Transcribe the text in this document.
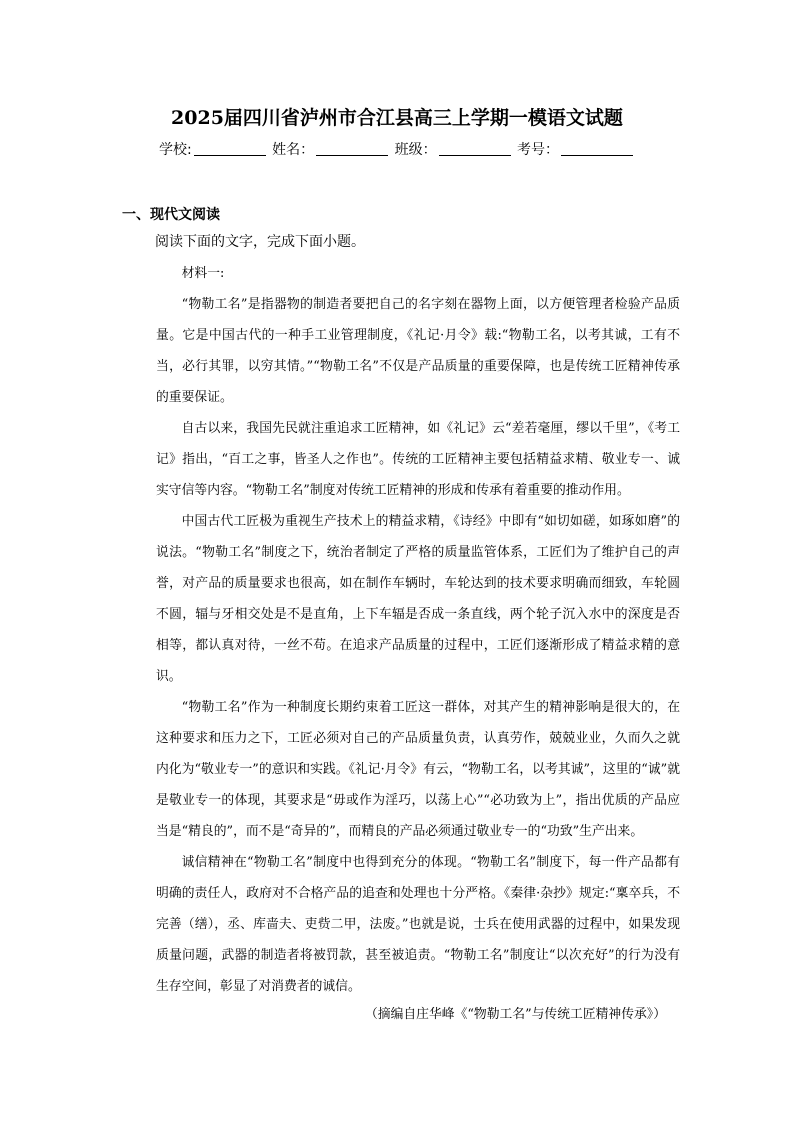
2025届四川省泸州市合江县高三上学期一模语文试题
学校:	姓名：	班级：	考号：
一、现代文阅读

阅读下面的文字，完成下面小题。

材料一:

“物勒工名”是指器物的制造者要把自己的名字刻在器物上面，以方便管理者检验产品质量。它是中国古代的一种手工业管理制度，《礼记·月令》载:“物勒工名，以考其诚，工有不当，必行其罪，以穷其情。”“物勒工名”不仅是产品质量的重要保障，也是传统工匠精神传承的重要保证。

自古以来，我国先民就注重追求工匠精神，如《礼记》云“差若毫厘，缪以千里”，《考工记》指出，“百工之事，皆圣人之作也”。传统的工匠精神主要包括精益求精、敬业专一、诚实守信等内容。“物勒工名”制度对传统工匠精神的形成和传承有着重要的推动作用。

中国古代工匠极为重视生产技术上的精益求精，《诗经》中即有“如切如磋，如琢如磨”的说法。“物勒工名”制度之下，统治者制定了严格的质量监管体系，工匠们为了维护自己的声誉，对产品的质量要求也很高，如在制作车辆时，车轮达到的技术要求明确而细致，车轮圆不圆，辐与牙相交处是不是直角，上下车辐是否成一条直线，两个轮子沉入水中的深度是否相等，都认真对待，一丝不苟。在追求产品质量的过程中，工匠们逐渐形成了精益求精的意识。

“物勒工名”作为一种制度长期约束着工匠这一群体，对其产生的精神影响是很大的，在这种要求和压力之下，工匠必须对自己的产品质量负责，认真劳作，兢兢业业，久而久之就内化为“敬业专一”的意识和实践。《礼记·月令》有云，“物勒工名，以考其诚”，这里的“诚”就是敬业专一的体现，其要求是“毋或作为淫巧，以荡上心”“必功致为上”，指出优质的产品应当是“精良的”，而不是“奇异的”，而精良的产品必须通过敬业专一的“功致”生产出来。

诚信精神在“物勒工名”制度中也得到充分的体现。“物勒工名”制度下，每一件产品都有明确的责任人，政府对不合格产品的追查和处理也十分严格。《秦律·杂抄》规定:“稟卒兵，不完善（缮），丞、库啬夫、吏赀二甲，法废。”也就是说，士兵在使用武器的过程中，如果发现质量问题，武器的制造者将被罚款，甚至被追责。“物勒工名”制度让“以次充好”的行为没有生存空间，彰显了对消费者的诚信。

（摘编自庄华峰《“物勒工名”与传统工匠精神传承》）
